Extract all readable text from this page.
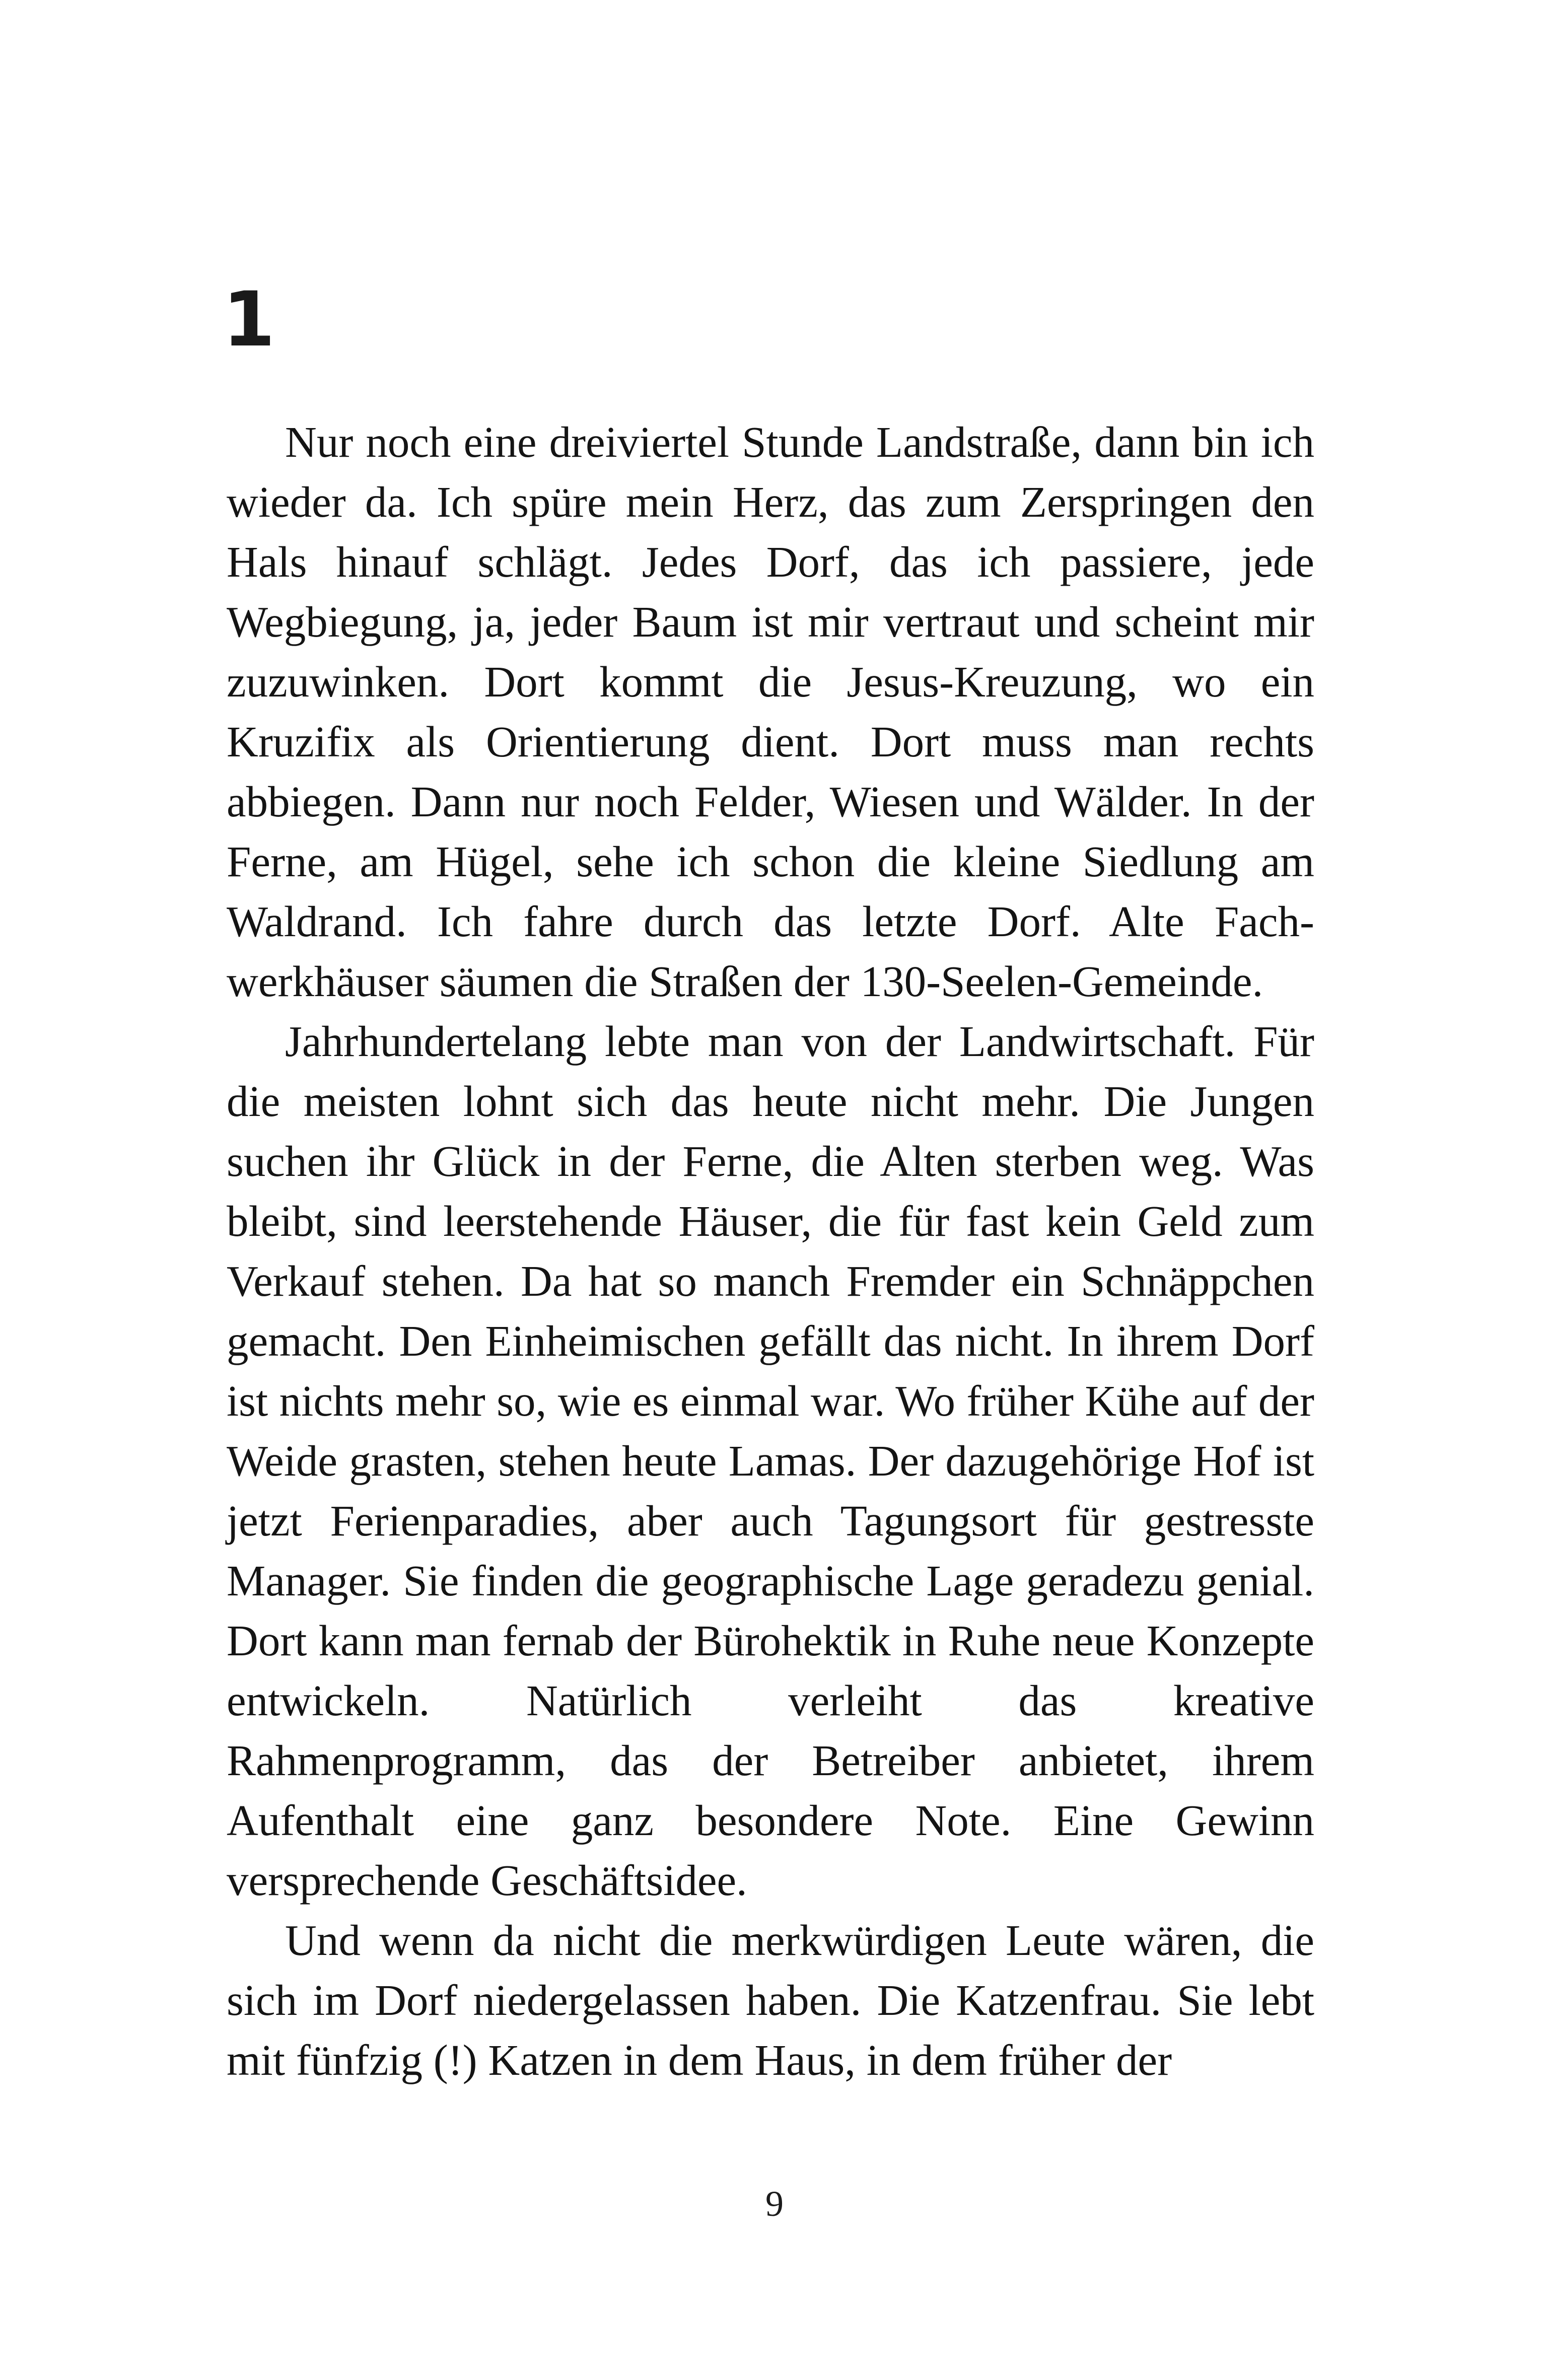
1

Nur noch eine dreiviertel Stunde Landstraße, dann bin ich wieder da. Ich spüre mein Herz, das zum Zerspringen den Hals hinauf schlägt. Jedes Dorf, das ich passiere, jede Wegbiegung, ja, jeder Baum ist mir vertraut und scheint mir zuzuwinken. Dort kommt die Jesus-Kreuzung, wo ein Kruzifix als Orientierung dient. Dort muss man rechts abbiegen. Dann nur noch Felder, Wiesen und Wälder. In der Ferne, am Hügel, sehe ich schon die kleine Siedlung am Waldrand. Ich fahre durch das letzte Dorf. Alte Fachwerkhäuser säumen die Straßen der 130-Seelen-Gemeinde.

Jahrhundertelang lebte man von der Landwirtschaft. Für die meisten lohnt sich das heute nicht mehr. Die Jungen suchen ihr Glück in der Ferne, die Alten sterben weg. Was bleibt, sind leerstehende Häuser, die für fast kein Geld zum Verkauf stehen. Da hat so manch Fremder ein Schnäppchen gemacht. Den Einheimischen gefällt das nicht. In ihrem Dorf ist nichts mehr so, wie es einmal war. Wo früher Kühe auf der Weide grasten, stehen heute Lamas. Der dazugehörige Hof ist jetzt Ferienparadies, aber auch Tagungsort für gestresste Manager. Sie finden die geographische Lage geradezu genial. Dort kann man fernab der Bürohektik in Ruhe neue Konzepte entwickeln. Natürlich verleiht das kreative Rahmenprogramm, das der Betreiber anbietet, ihrem Aufenthalt eine ganz besondere Note. Eine Gewinn versprechende Geschäftsidee.

Und wenn da nicht die merkwürdigen Leute wären, die sich im Dorf niedergelassen haben. Die Katzenfrau. Sie lebt mit fünfzig (!) Katzen in dem Haus, in dem früher der

9
